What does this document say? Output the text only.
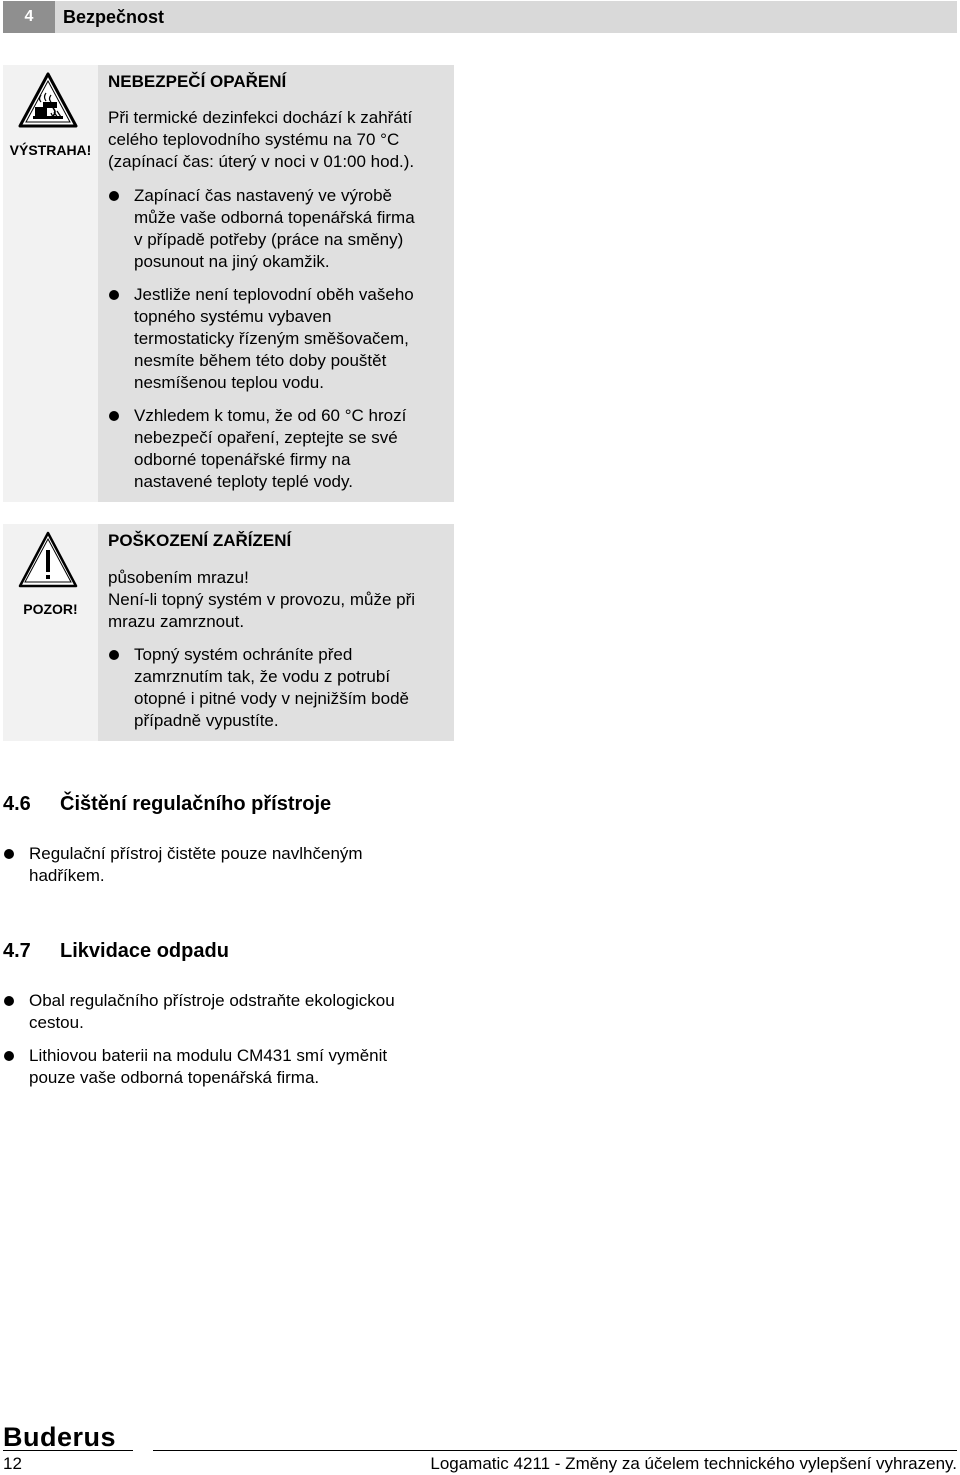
4	Bezpečnost
VÝSTRAHA!
NEBEZPEČÍ OPAŘENÍ
Při termické dezinfekci dochází k zahřátí
celého teplovodního systému na 70 °C
(zapínací čas: úterý v noci v 01:00 hod.).
Zapínací čas nastavený ve výrobě
může vaše odborná topenářská firma
v případě potřeby (práce na směny)
posunout na jiný okamžik.
Jestliže není teplovodní oběh vašeho
topného systému vybaven
termostaticky řízeným směšovačem,
nesmíte během této doby pouštět
nesmíšenou teplou vodu.
Vzhledem k tomu, že od 60 °C hrozí
nebezpečí opaření, zeptejte se své
odborné topenářské firmy na
nastavené teploty teplé vody.
POZOR!
POŠKOZENÍ ZAŘÍZENÍ
působením mrazu!
Není-li topný systém v provozu, může při
mrazu zamrznout.
Topný systém ochráníte před
zamrznutím tak, že vodu z potrubí
otopné i pitné vody v nejnižším bodě
případně vypustíte.
4.6 Čištění regulačního přístroje
Regulační přístroj čistěte pouze navlhčeným
hadříkem.
4.7 Likvidace odpadu
Obal regulačního přístroje odstraňte ekologickou
cestou.
Lithiovou baterii na modulu CM431 smí vyměnit
pouze vaše odborná topenářská firma.
Buderus
12	Logamatic 4211 - Změny za účelem technického vylepšení vyhrazeny.
